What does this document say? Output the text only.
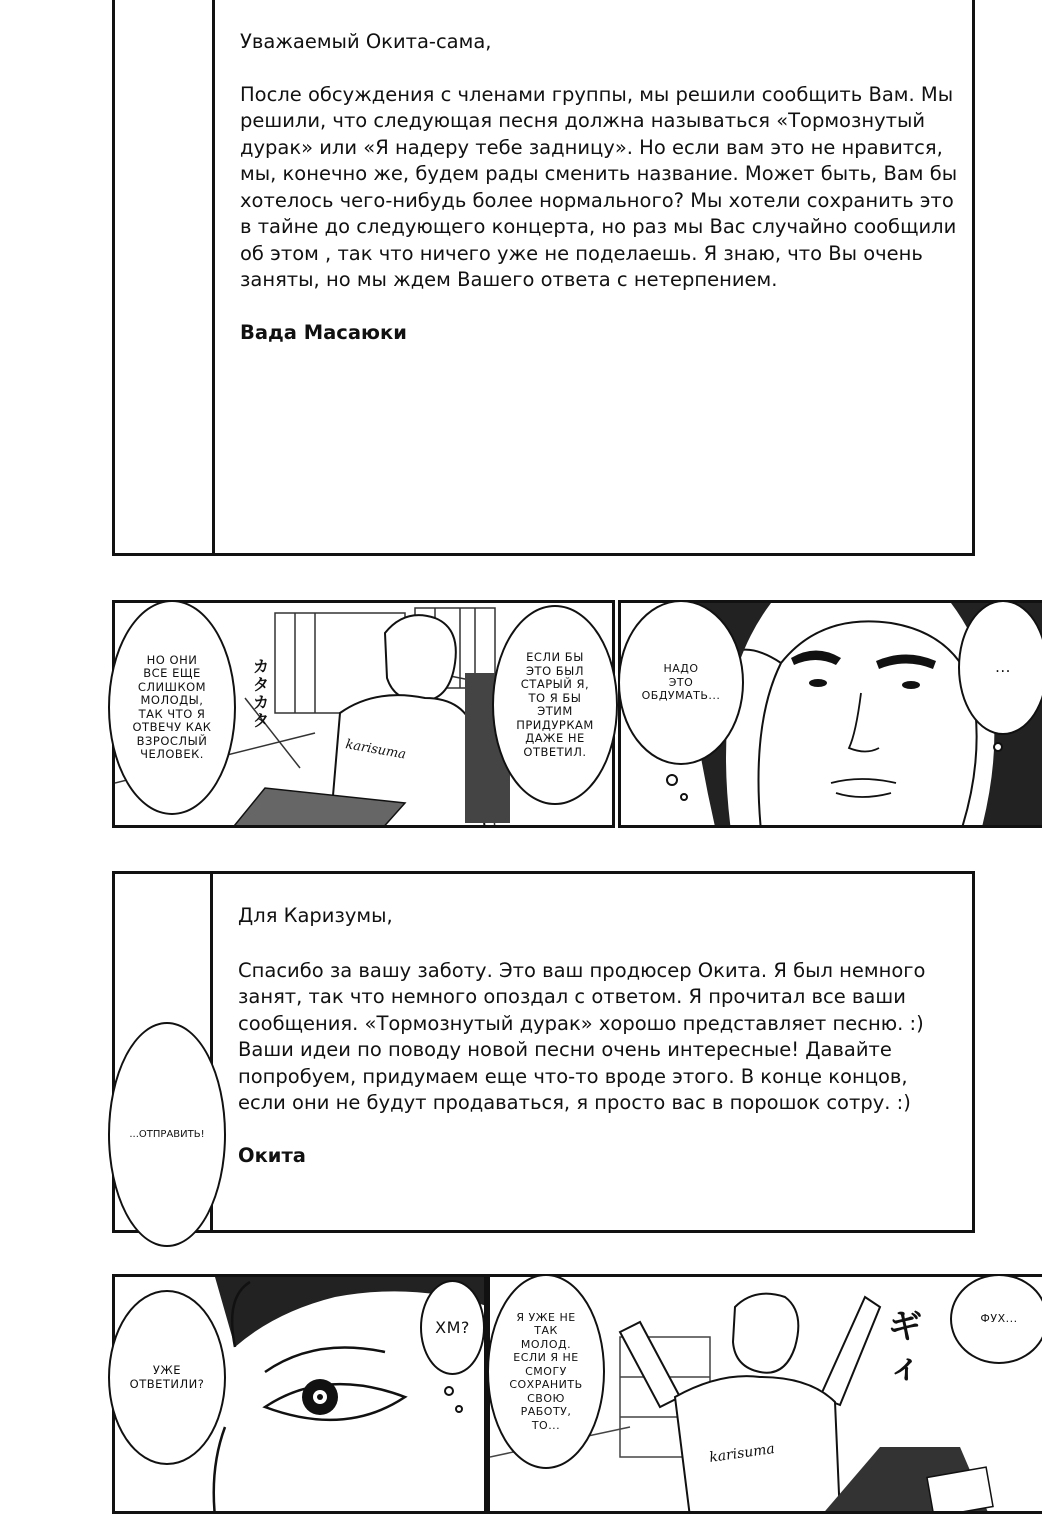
Уважаемый Окита-сама,

После обсуждения с членами группы, мы решили сообщить Вам. Мы

решили, что следующая песня должна называться «Тормознутый

дурак» или «Я надеру тебе задницу». Но если вам это не нравится,

мы, конечно же, будем рады сменить название. Может быть, Вам бы

хотелось чего-нибудь более нормального? Мы хотели сохранить это

в тайне до следующего концерта, но раз мы Вас случайно сообщили

об этом , так что ничего уже не поделаешь. Я знаю, что Вы очень

заняты, но мы ждем Вашего ответа с нетерпением.

Вада Масаюки

karisuma
カ
タ
カ
タ
НО ОНИ
ВСЕ ЕЩЕ
СЛИШКОМ
МОЛОДЫ,
ТАК ЧТО Я
ОТВЕЧУ КАК
ВЗРОСЛЫЙ
ЧЕЛОВЕК.
ЕСЛИ БЫ
ЭТО БЫЛ
СТАРЫЙ Я,
ТО Я БЫ
ЭТИМ
ПРИДУРКАМ
ДАЖЕ НЕ
ОТВЕТИЛ.
НАДО
ЭТО
ОБДУМАТЬ...
...

Для Каризумы,

Спасибо за вашу заботу. Это ваш продюсер Окита. Я был немного

занят, так что немного опоздал с ответом. Я прочитал все ваши

сообщения. «Тормознутый дурак» хорошо представляет песню. :)

Ваши идеи по поводу новой песни очень интересные! Давайте

попробуем, придумаем еще что-то вроде этого. В конце концов,

если они не будут продаваться, я просто вас в порошок сотру. :)

Окита

...ОТПРАВИТЬ!
УЖЕ
ОТВЕТИЛИ?
ХМ?
karisuma
ギ
ィ
Я УЖЕ НЕ
ТАК
МОЛОД.
ЕСЛИ Я НЕ
СМОГУ
СОХРАНИТЬ
СВОЮ
РАБОТУ,
ТО...
ФУХ...
